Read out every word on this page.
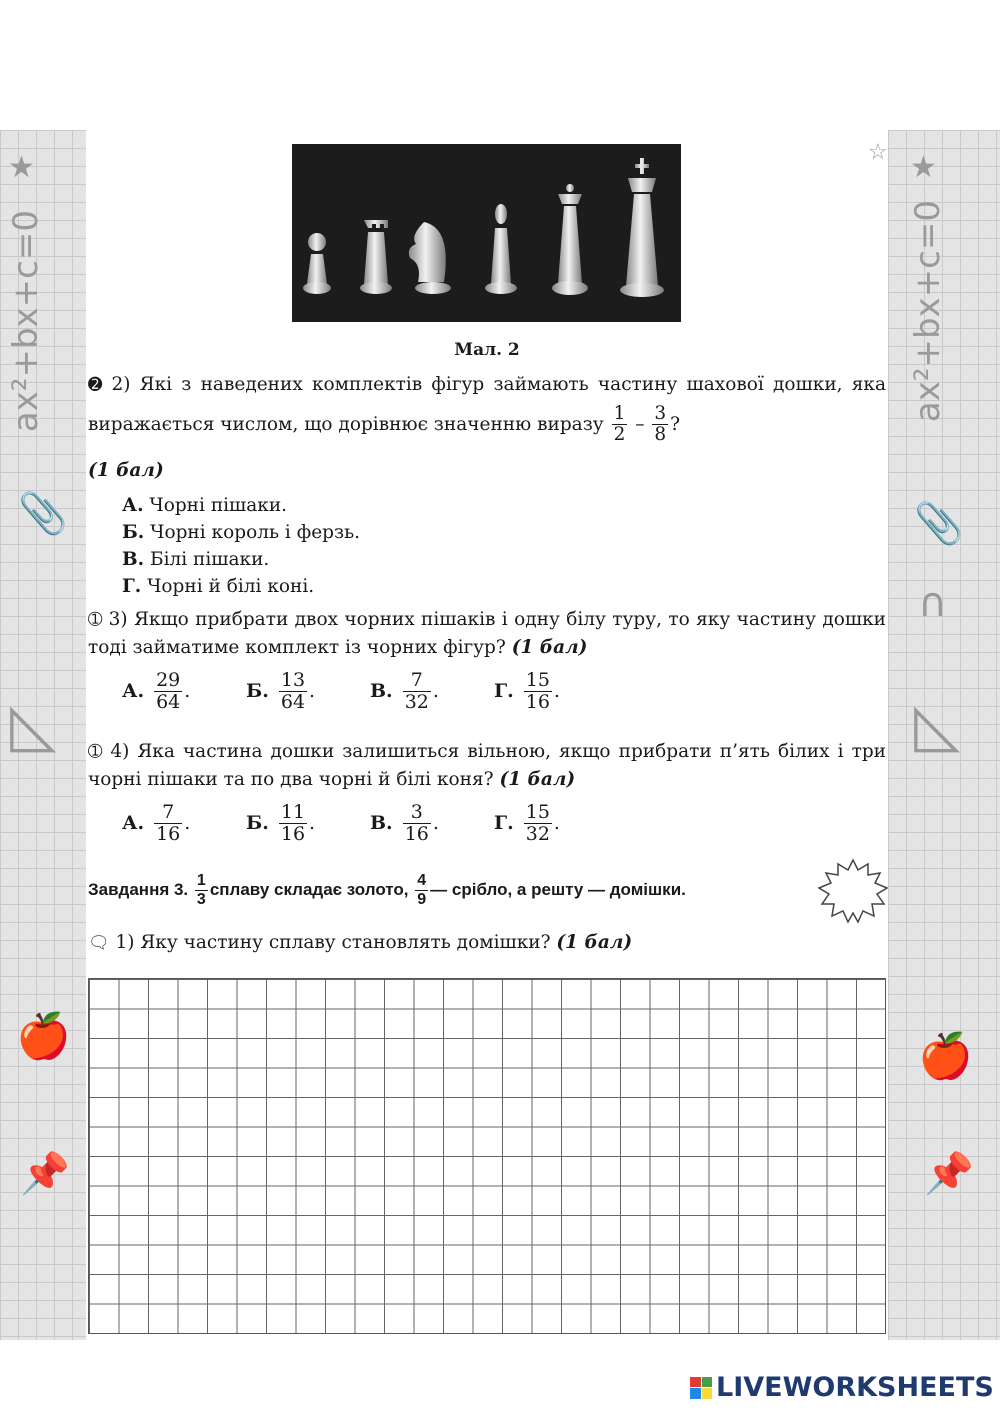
★
ax²+bx+c=0
📎
◺
🍎
📌
Мал. 2
➋ 2) Які з наведених комплектів фігур займають частину шахової дошки, яка виражається числом, що дорівнює значенню виразу $\frac{1}{2} - \frac{3}{8}$ ?
(1 бал)
А. Чорні пішаки.
Б. Чорні король і ферзь.
В. Білі пішаки.
Г. Чорні й білі коні.
➀ 3) Якщо прибрати двох чорних пішаків і одну білу туру, то яку частину дошки тоді займатиме комплект із чорних фігур? (1 бал)
А. $\frac{29}{64}$ .	Б. $\frac{13}{64}$ .	В. $\frac{7}{32}$ .	Г. $\frac{15}{16}$ .
➀ 4) Яка частина дошки залишиться вільною, якщо прибрати п’ять білих і три чорні пішаки та по два чорні й білі коня? (1 бал)
А. $\frac{7}{16}$ .	Б. $\frac{11}{16}$ .	В. $\frac{3}{16}$ .	Г. $\frac{15}{32}$ .
Завдання 3.
$\frac{1}{3}$ сплаву складає золото,
$\frac{4}{9}$ — срібло, а решту — домішки.
🗨 1) Яку частину сплаву становлять домішки? (1 бал)
☆ ★
ax²+bx+c=0
📎
∩
◺
🍎
📌
LIVEWORKSHEETS
